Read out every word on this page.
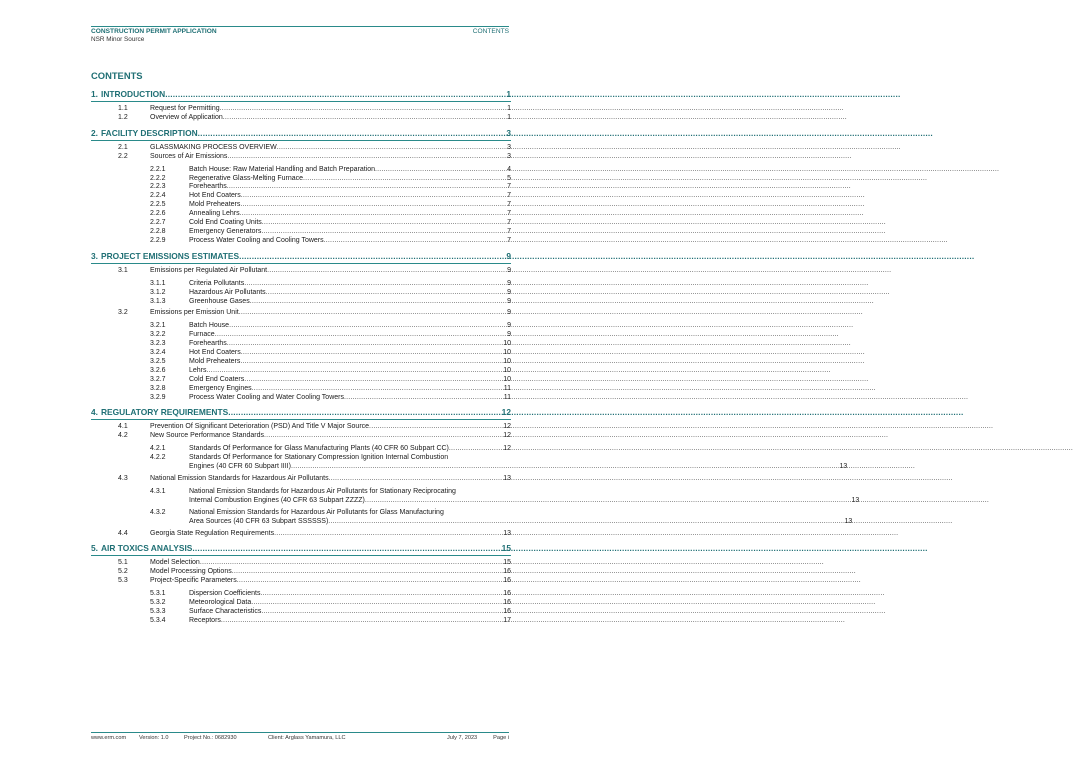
CONSTRUCTION PERMIT APPLICATION
NSR Minor Source
CONTENTS
CONTENTS
1. INTRODUCTION .....	1
1.1	Request for Permitting .....	1
1.2	Overview of Application .....	1
2. FACILITY DESCRIPTION .....	3
2.1	GLASSMAKING PROCESS OVERVIEW .....	3
2.2	Sources of Air Emissions .....	3
2.2.1	Batch House: Raw Material Handling and Batch Preparation .....	4
2.2.2	Regenerative Glass-Melting Furnace .....	5
2.2.3	Forehearths .....	7
2.2.4	Hot End Coaters .....	7
2.2.5	Mold Preheaters .....	7
2.2.6	Annealing Lehrs .....	7
2.2.7	Cold End Coating Units .....	7
2.2.8	Emergency Generators .....	7
2.2.9	Process Water Cooling and Cooling Towers .....	7
3. PROJECT EMISSIONS ESTIMATES .....	9
3.1	Emissions per Regulated Air Pollutant .....	9
3.1.1	Criteria Pollutants .....	9
3.1.2	Hazardous Air Pollutants .....	9
3.1.3	Greenhouse Gases .....	9
3.2	Emissions per Emission Unit .....	9
3.2.1	Batch House .....	9
3.2.2	Furnace .....	9
3.2.3	Forehearths .....	10
3.2.4	Hot End Coaters .....	10
3.2.5	Mold Preheaters .....	10
3.2.6	Lehrs .....	10
3.2.7	Cold End Coaters .....	10
3.2.8	Emergency Engines .....	11
3.2.9	Process Water Cooling and Water Cooling Towers .....	11
4. REGULATORY REQUIREMENTS .....	12
4.1	Prevention Of Significant Deterioration (PSD) And Title V Major Source .....	12
4.2	New Source Performance Standards .....	12
4.2.1	Standards Of Performance for Glass Manufacturing Plants (40 CFR 60 Subpart CC) .....	12
4.2.2	Standards Of Performance for Stationary Compression Ignition Internal Combustion
Engines (40 CFR 60 Subpart IIII) .....	13
4.3	National Emission Standards for Hazardous Air Pollutants .....	13
4.3.1	National Emission Standards for Hazardous Air Pollutants for Stationary Reciprocating
Internal Combustion Engines (40 CFR 63 Subpart ZZZZ) .....	13
4.3.2	National Emission Standards for Hazardous Air Pollutants for Glass Manufacturing
Area Sources (40 CFR 63 Subpart SSSSSS) .....	13
4.4	Georgia State Regulation Requirements .....	13
5. AIR TOXICS ANALYSIS .....	15
5.1	Model Selection .....	15
5.2	Model Processing Options .....	16
5.3	Project-Specific Parameters .....	16
5.3.1	Dispersion Coefficients .....	16
5.3.2	Meteorological Data .....	16
5.3.3	Surface Characteristics .....	16
5.3.4	Receptors .....	17
www.erm.com Version: 1.0	Project No.: 0682930	Client: Arglass Yamamura, LLC	July 7, 2023	Page i
